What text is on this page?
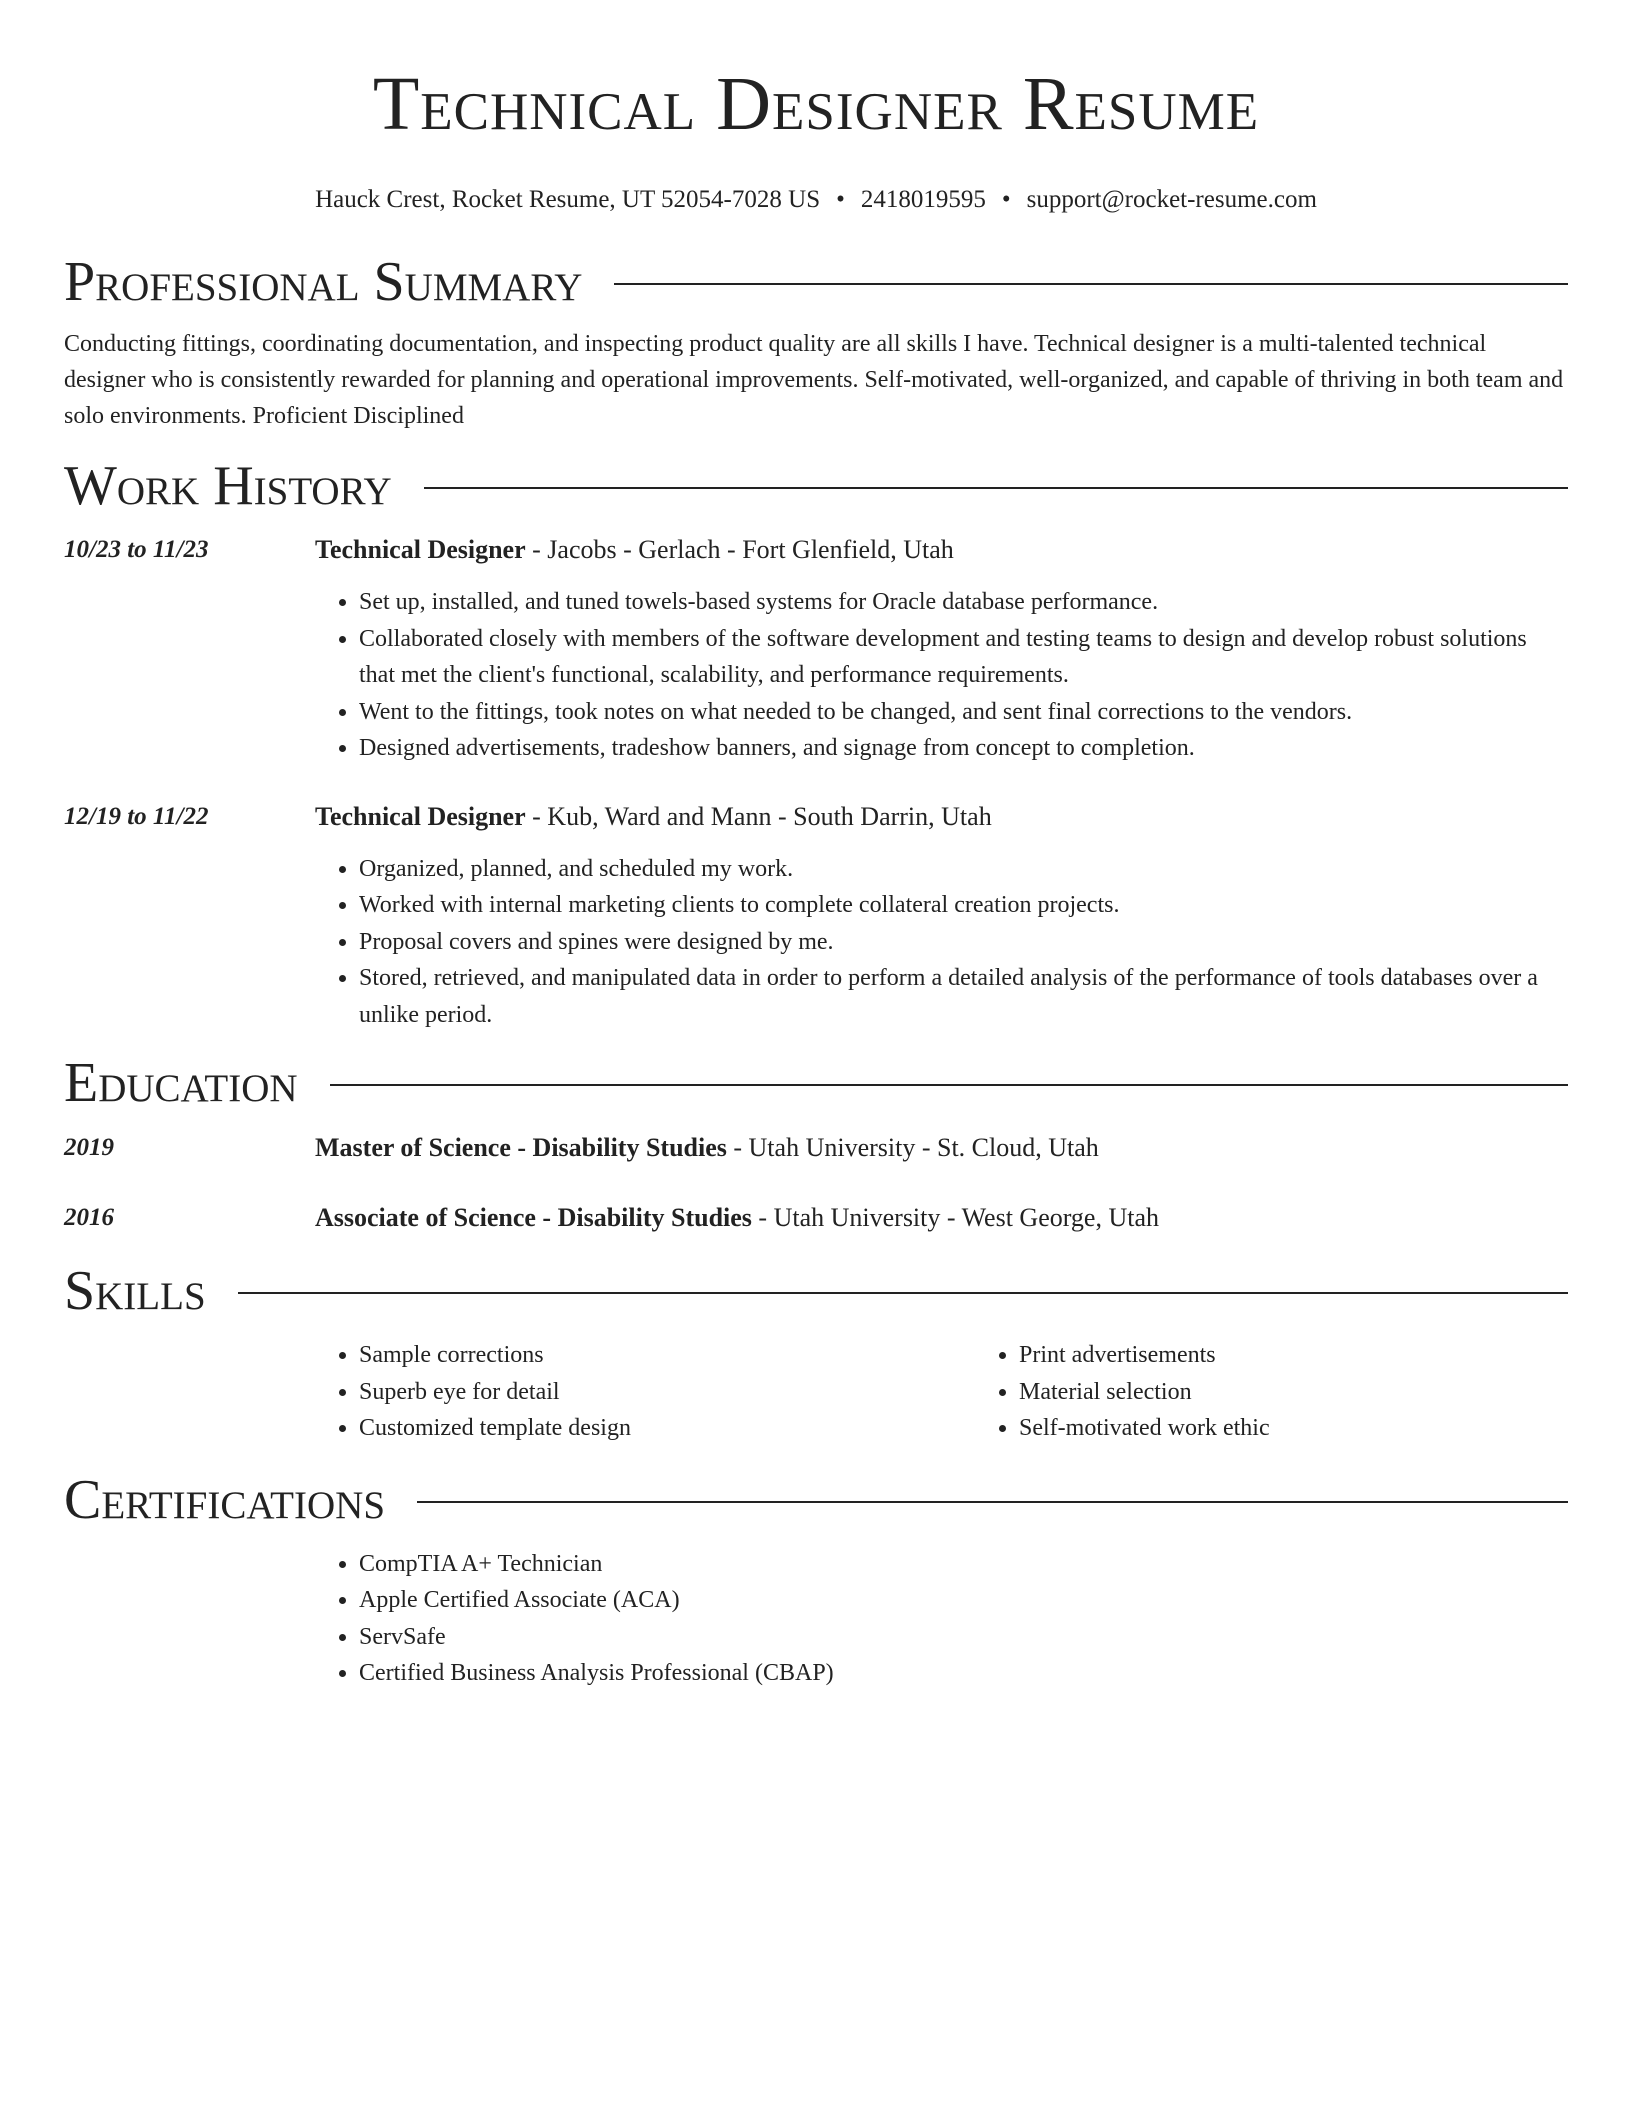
Technical Designer Resume
Hauck Crest, Rocket Resume, UT 52054-7028 US • 2418019595 • support@rocket-resume.com
Professional Summary

Conducting fittings, coordinating documentation, and inspecting product quality are all skills I have. Technical designer is a multi-talented technical designer who is consistently rewarded for planning and operational improvements. Self-motivated, well-organized, and capable of thriving in both team and solo environments. Proficient Disciplined

Work History
10/23 to 11/23	Technical Designer - Jacobs - Gerlach - Fort Glenfield, Utah
• Set up, installed, and tuned towels-based systems for Oracle database performance.
• Collaborated closely with members of the software development and testing teams to design and develop robust solutions that met the client's functional, scalability, and performance requirements.
• Went to the fittings, took notes on what needed to be changed, and sent final corrections to the vendors.
• Designed advertisements, tradeshow banners, and signage from concept to completion.
12/19 to 11/22	Technical Designer - Kub, Ward and Mann - South Darrin, Utah
• Organized, planned, and scheduled my work.
• Worked with internal marketing clients to complete collateral creation projects.
• Proposal covers and spines were designed by me.
• Stored, retrieved, and manipulated data in order to perform a detailed analysis of the performance of tools databases over a unlike period.
Education
2019	Master of Science - Disability Studies - Utah University - St. Cloud, Utah
2016	Associate of Science - Disability Studies - Utah University - West George, Utah
Skills
• Sample corrections
• Superb eye for detail
• Customized template design
• Print advertisements
• Material selection
• Self-motivated work ethic
Certifications
• CompTIA A+ Technician
• Apple Certified Associate (ACA)
• ServSafe
• Certified Business Analysis Professional (CBAP)
